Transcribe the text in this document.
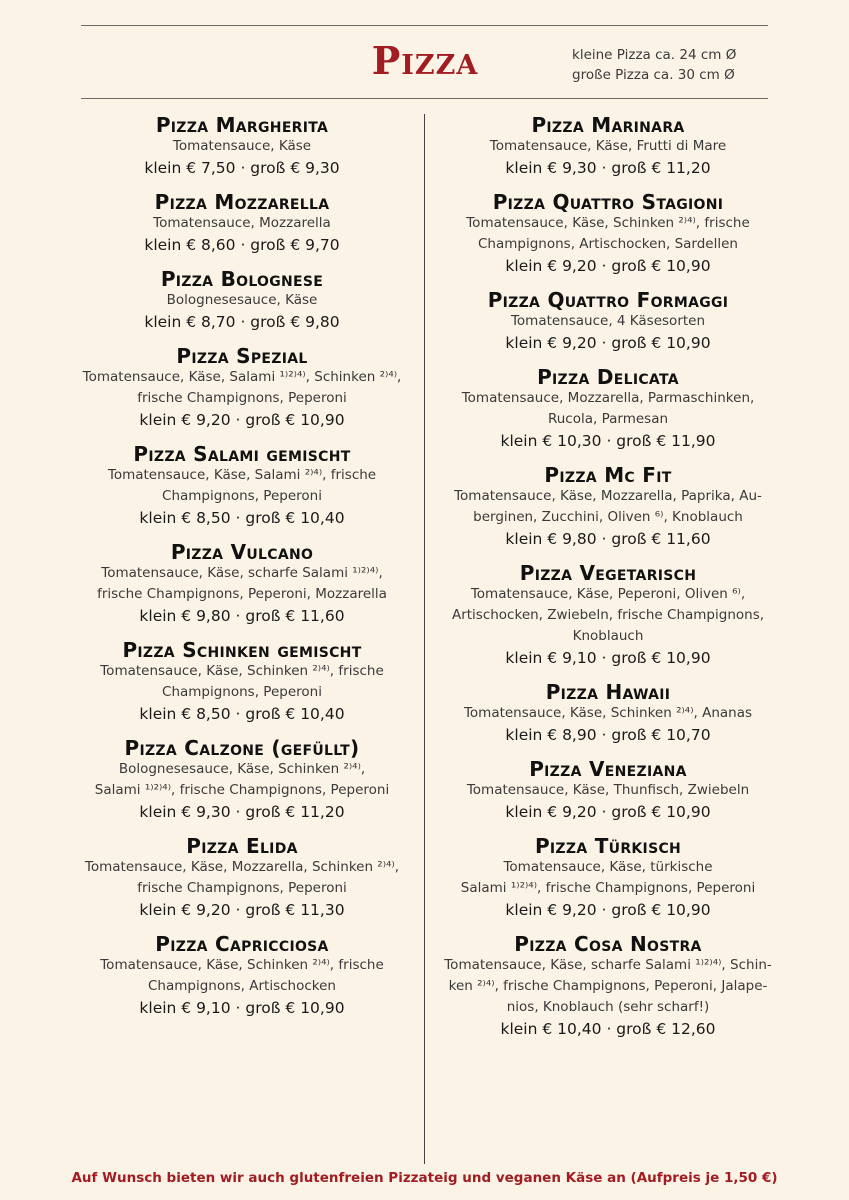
Pizza	kleine Pizza ca. 24 cm Ø
große Pizza ca. 30 cm Ø
Pizza Margherita
Tomatensauce, Käse
klein € 7,50 · groß € 9,30
Pizza Mozzarella
Tomatensauce, Mozzarella
klein € 8,60 · groß € 9,70
Pizza Bolognese
Bolognesesauce, Käse
klein € 8,70 · groß € 9,80
Pizza Spezial
Tomatensauce, Käse, Salami ¹⁾²⁾⁴⁾, Schinken ²⁾⁴⁾,
frische Champignons, Peperoni
klein € 9,20 · groß € 10,90
Pizza Salami gemischt
Tomatensauce, Käse, Salami ²⁾⁴⁾, frische
Champignons, Peperoni
klein € 8,50 · groß € 10,40
Pizza Vulcano
Tomatensauce, Käse, scharfe Salami ¹⁾²⁾⁴⁾,
frische Champignons, Peperoni, Mozzarella
klein € 9,80 · groß € 11,60
Pizza Schinken gemischt
Tomatensauce, Käse, Schinken ²⁾⁴⁾, frische
Champignons, Peperoni
klein € 8,50 · groß € 10,40
Pizza Calzone (gefüllt)
Bolognesesauce, Käse, Schinken ²⁾⁴⁾,
Salami ¹⁾²⁾⁴⁾, frische Champignons, Peperoni
klein € 9,30 · groß € 11,20
Pizza Elida
Tomatensauce, Käse, Mozzarella, Schinken ²⁾⁴⁾,
frische Champignons, Peperoni
klein € 9,20 · groß € 11,30
Pizza Capricciosa
Tomatensauce, Käse, Schinken ²⁾⁴⁾, frische
Champignons, Artischocken
klein € 9,10 · groß € 10,90
Pizza Marinara
Tomatensauce, Käse, Frutti di Mare
klein € 9,30 · groß € 11,20
Pizza Quattro Stagioni
Tomatensauce, Käse, Schinken ²⁾⁴⁾, frische
Champignons, Artischocken, Sardellen
klein € 9,20 · groß € 10,90
Pizza Quattro Formaggi
Tomatensauce, 4 Käsesorten
klein € 9,20 · groß € 10,90
Pizza Delicata
Tomatensauce, Mozzarella, Parmaschinken,
Rucola, Parmesan
klein € 10,30 · groß € 11,90
Pizza Mc Fit
Tomatensauce, Käse, Mozzarella, Paprika, Au-
berginen, Zucchini, Oliven ⁶⁾, Knoblauch
klein € 9,80 · groß € 11,60
Pizza Vegetarisch
Tomatensauce, Käse, Peperoni, Oliven ⁶⁾,
Artischocken, Zwiebeln, frische Champignons,
Knoblauch
klein € 9,10 · groß € 10,90
Pizza Hawaii
Tomatensauce, Käse, Schinken ²⁾⁴⁾, Ananas
klein € 8,90 · groß € 10,70
Pizza Veneziana
Tomatensauce, Käse, Thunfisch, Zwiebeln
klein € 9,20 · groß € 10,90
Pizza Türkisch
Tomatensauce, Käse, türkische
Salami ¹⁾²⁾⁴⁾, frische Champignons, Peperoni
klein € 9,20 · groß € 10,90
Pizza Cosa Nostra
Tomatensauce, Käse, scharfe Salami ¹⁾²⁾⁴⁾, Schin-
ken ²⁾⁴⁾, frische Champignons, Peperoni, Jalape-
nios, Knoblauch (sehr scharf!)
klein € 10,40 · groß € 12,60
Auf Wunsch bieten wir auch glutenfreien Pizzateig und veganen Käse an (Aufpreis je 1,50 €)
